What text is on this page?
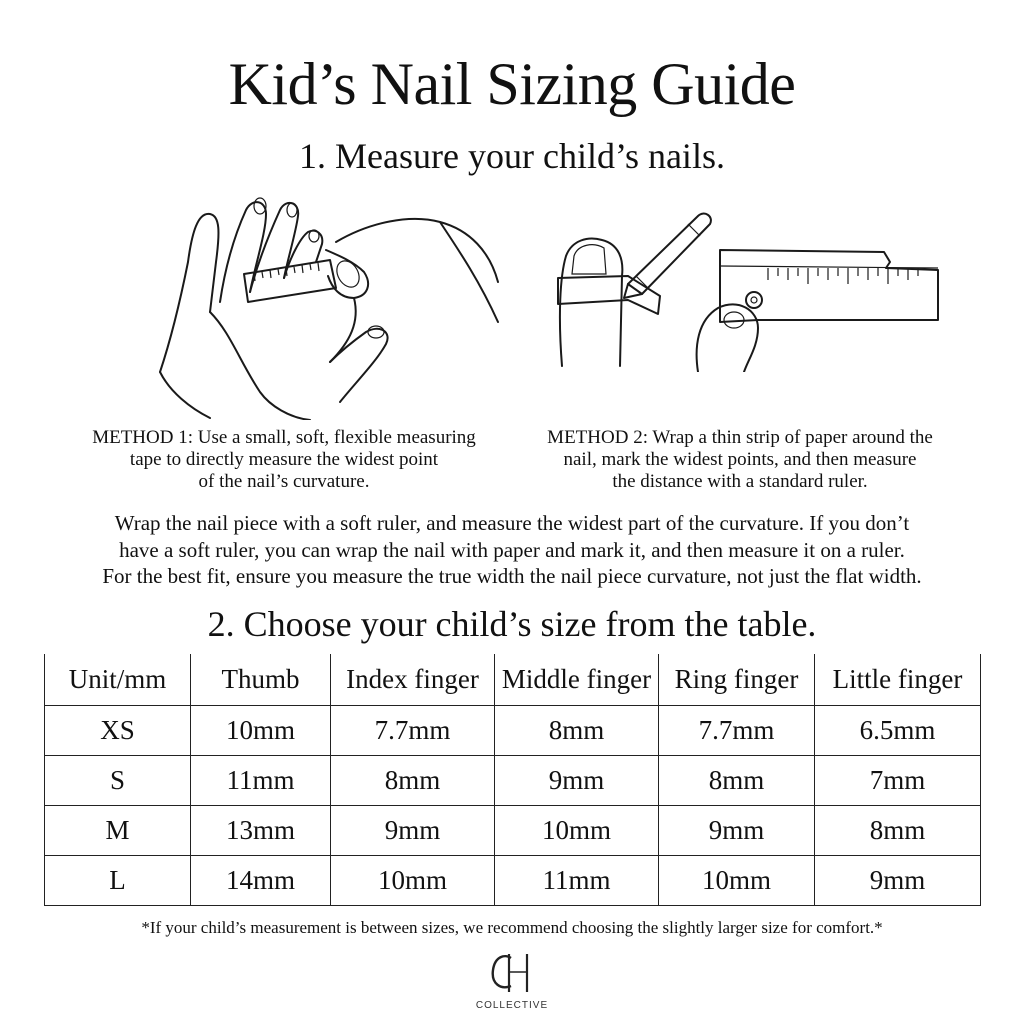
Kid’s Nail Sizing Guide
1. Measure your child’s nails.
METHOD 1: Use a small, soft, flexible measuring
tape to directly measure the widest point
of the nail’s curvature.
METHOD 2: Wrap a thin strip of paper around the
nail, mark the widest points, and then measure
the distance with a standard ruler.
Wrap the nail piece with a soft ruler, and measure the widest part of the curvature. If you don’t
have a soft ruler, you can wrap the nail with paper and mark it, and then measure it on a ruler.
For the best fit, ensure you measure the true width the nail piece curvature, not just the flat width.
2. Choose your child’s size from the table.
Unit/mm	Thumb	Index finger	Middle finger	Ring finger	Little finger
XS	10mm	7.7mm	8mm	7.7mm	6.5mm
S	11mm	8mm	9mm	8mm	7mm
M	13mm	9mm	10mm	9mm	8mm
L	14mm	10mm	11mm	10mm	9mm
*If your child’s measurement is between sizes, we recommend choosing the slightly larger size for comfort.*
COLLECTIVE
